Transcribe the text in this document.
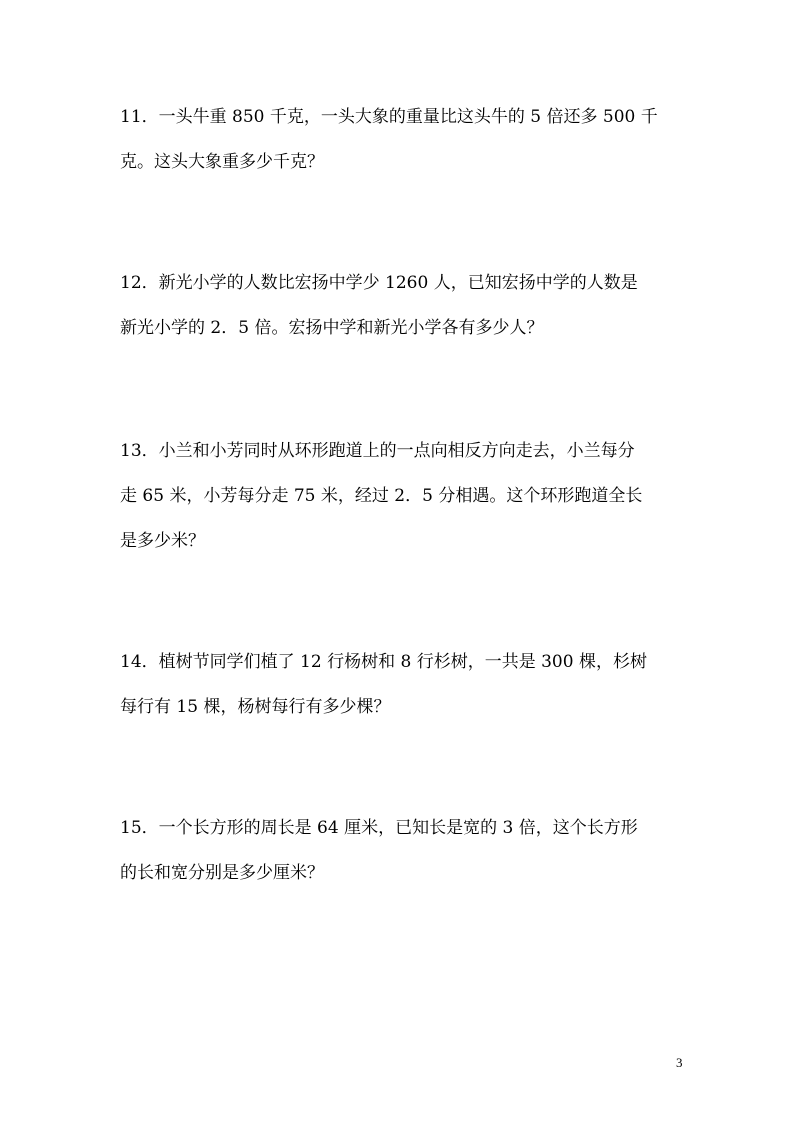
11．一头牛重 850 千克，一头大象的重量比这头牛的 5 倍还多 500 千
克。这头大象重多少千克？
12．新光小学的人数比宏扬中学少 1260 人，已知宏扬中学的人数是
新光小学的 2．5 倍。宏扬中学和新光小学各有多少人？
13．小兰和小芳同时从环形跑道上的一点向相反方向走去，小兰每分
走 65 米，小芳每分走 75 米，经过 2．5 分相遇。这个环形跑道全长
是多少米？
14．植树节同学们植了 12 行杨树和 8 行杉树，一共是 300 棵，杉树
每行有 15 棵，杨树每行有多少棵？
15．一个长方形的周长是 64 厘米，已知长是宽的 3 倍，这个长方形
的长和宽分别是多少厘米？
3
